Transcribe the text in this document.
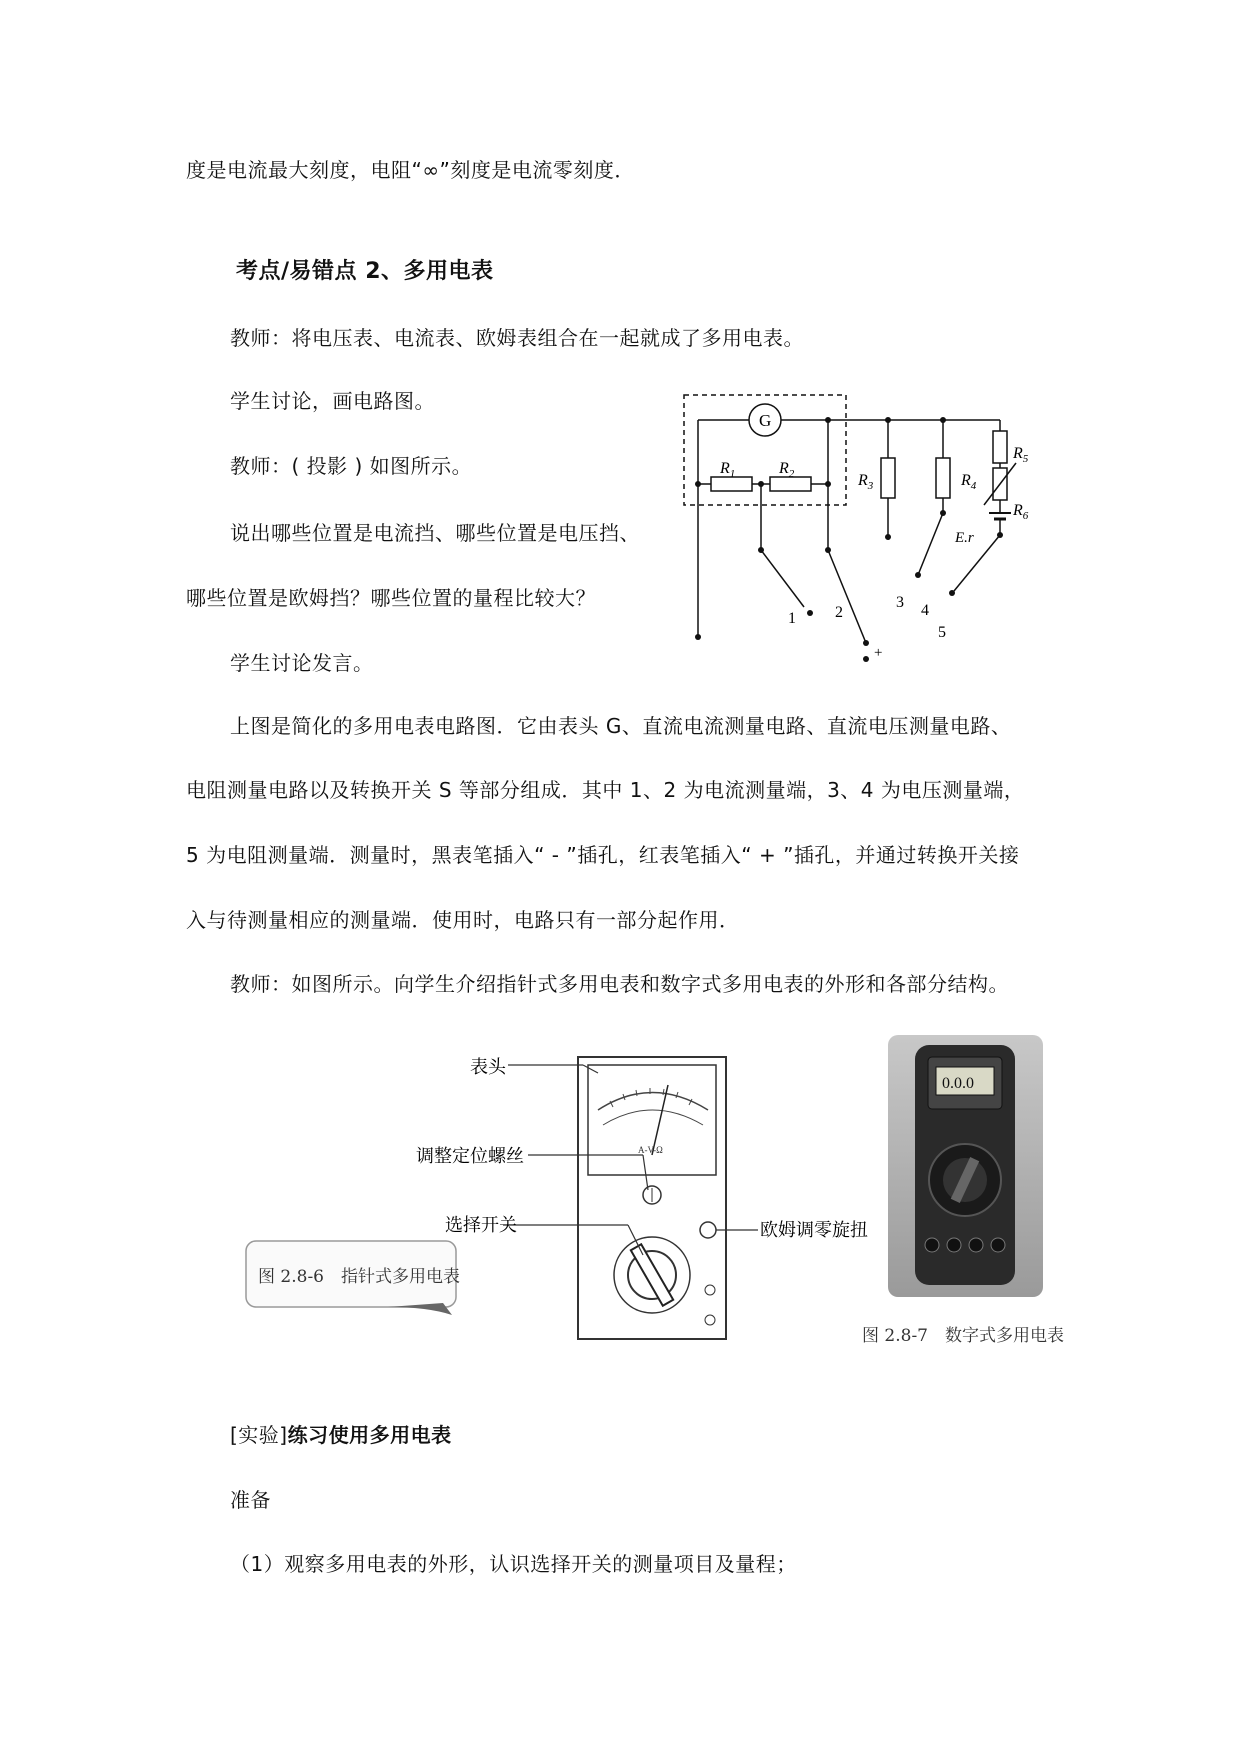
度是电流最大刻度，电阻“∞”刻度是电流零刻度．
考点/易错点 2、多用电表
教师：将电压表、电流表、欧姆表组合在一起就成了多用电表。
学生讨论，画电路图。
教师：( 投影 ) 如图所示。
说出哪些位置是电流挡、哪些位置是电压挡、
哪些位置是欧姆挡？哪些位置的量程比较大？
学生讨论发言。
上图是简化的多用电表电路图．它由表头 G、直流电流测量电路、直流电压测量电路、
电阻测量电路以及转换开关 S 等部分组成．其中 1、2 为电流测量端，3、4 为电压测量端，
5 为电阻测量端．测量时，黑表笔插入“ - ”插孔，红表笔插入“ + ”插孔，并通过转换开关接
入与待测量相应的测量端．使用时，电路只有一部分起作用．
教师：如图所示。向学生介绍指针式多用电表和数字式多用电表的外形和各部分结构。
[实验]练习使用多用电表
准备
（1）观察多用电表的外形，认识选择开关的测量项目及量程；
G
$R_1$	$R_2$	$R_3$	$R_4$
$R_5$
$R_6$
E.r
1 2
3 4
5
+
图 2.8-6　指针式多用电表
A-V-Ω
表头
调整定位螺丝
选择开关	欧姆调零旋扭
0.0.0
图 2.8-7　数字式多用电表
